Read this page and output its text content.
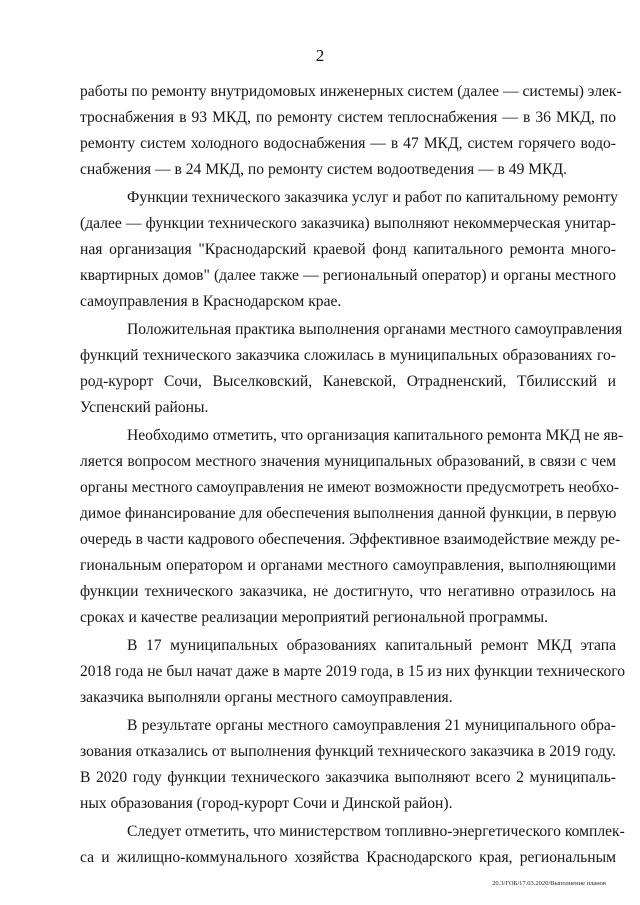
2

работы по ремонту внутридомовых инженерных систем (далее — системы) элек-

троснабжения в 93 МКД, по ремонту систем теплоснабжения — в 36 МКД, по

ремонту систем холодного водоснабжения — в 47 МКД, систем горячего водо-

снабжения — в 24 МКД, по ремонту систем водоотведения — в 49 МКД.

Функции технического заказчика услуг и работ по капитальному ремонту

(далее — функции технического заказчика) выполняют некоммерческая унитар-

ная организация "Краснодарский краевой фонд капитального ремонта много-

квартирных домов" (далее также — региональный оператор) и органы местного

самоуправления в Краснодарском крае.

Положительная практика выполнения органами местного самоуправления

функций технического заказчика сложилась в муниципальных образованиях го-

род-курорт Сочи, Выселковский, Каневской, Отрадненский, Тбилисский и

Успенский районы.

Необходимо отметить, что организация капитального ремонта МКД не яв-

ляется вопросом местного значения муниципальных образований, в связи с чем

органы местного самоуправления не имеют возможности предусмотреть необхо-

димое финансирование для обеспечения выполнения данной функции, в первую

очередь в части кадрового обеспечения. Эффективное взаимодействие между ре-

гиональным оператором и органами местного самоуправления, выполняющими

функции технического заказчика, не достигнуто, что негативно отразилось на

сроках и качестве реализации мероприятий региональной программы.

В 17 муниципальных образованиях капитальный ремонт МКД этапа

2018 года не был начат даже в марте 2019 года, в 15 из них функции технического

заказчика выполняли органы местного самоуправления.

В результате органы местного самоуправления 21 муниципального обра-

зования отказались от выполнения функций технического заказчика в 2019 году.

В 2020 году функции технического заказчика выполняют всего 2 муниципаль-

ных образования (город-курорт Сочи и Динской район).

Следует отметить, что министерством топливно-энергетического комплек-

са и жилищно-коммунального хозяйства Краснодарского края, региональным

20.3/ГОБ/17.03.2020/Выполнение планов
